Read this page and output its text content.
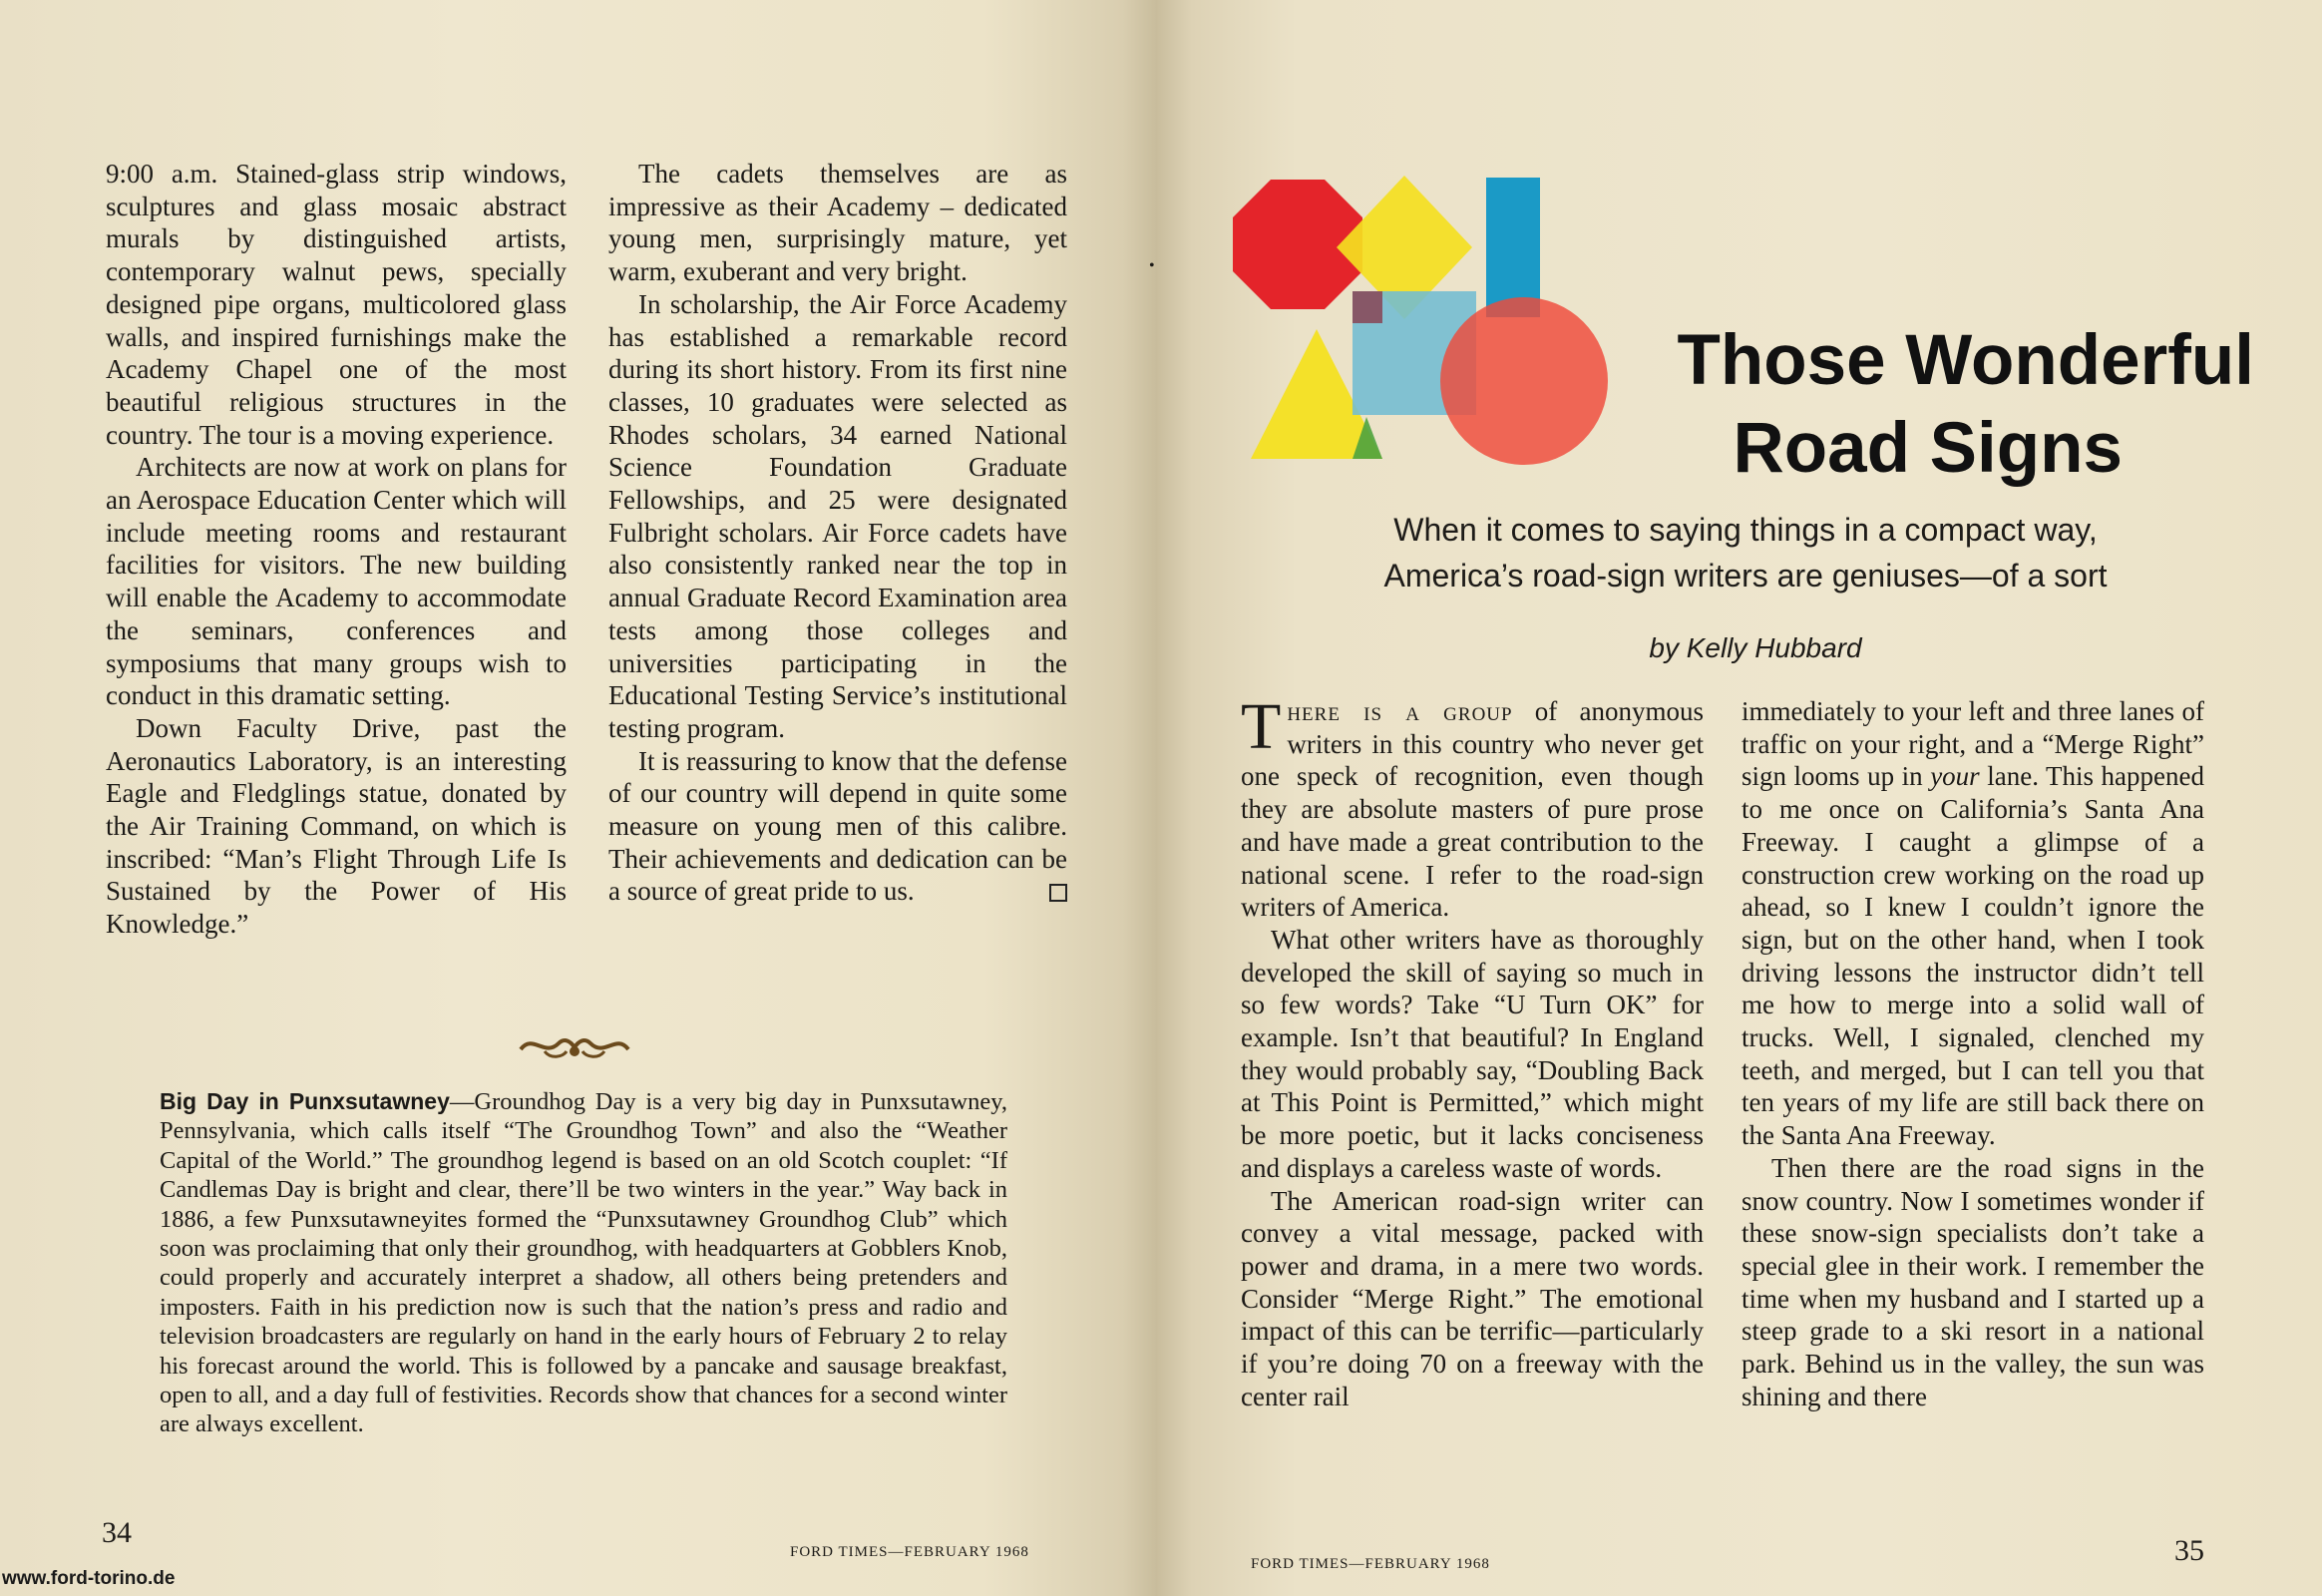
9:00 a.m. Stained-glass strip windows, sculptures and glass mosaic abstract murals by distinguished artists, contemporary walnut pews, specially designed pipe organs, multicolored glass walls, and inspired furnishings make the Academy Chapel one of the most beautiful religious structures in the country. The tour is a moving experience.

Architects are now at work on plans for an Aerospace Education Center which will include meeting rooms and restaurant facilities for visitors. The new building will enable the Academy to accommodate the seminars, conferences and symposiums that many groups wish to conduct in this dramatic setting.

Down Faculty Drive, past the Aeronautics Laboratory, is an interesting Eagle and Fledglings statue, donated by the Air Training Command, on which is inscribed: “Man’s Flight Through Life Is Sustained by the Power of His Knowledge.”

The cadets themselves are as impressive as their Academy – dedicated young men, surprisingly mature, yet warm, exuberant and very bright.

In scholarship, the Air Force Academy has established a remarkable record during its short history. From its first nine classes, 10 graduates were selected as Rhodes scholars, 34 earned National Science Foundation Graduate Fellowships, and 25 were designated Fulbright scholars. Air Force cadets have also consistently ranked near the top in annual Graduate Record Examination area tests among those colleges and universities participating in the Educational Testing Service’s institutional testing program.

It is reassuring to know that the defense of our country will depend in quite some measure on young men of this calibre. Their achievements and dedication can be a source of great pride to us.

Big Day in Punxsutawney—Groundhog Day is a very big day in Punxsutawney, Pennsylvania, which calls itself “The Groundhog Town” and also the “Weather Capital of the World.” The groundhog legend is based on an old Scotch couplet: “If Candlemas Day is bright and clear, there’ll be two winters in the year.” Way back in 1886, a few Punxsutawneyites formed the “Punxsutawney Groundhog Club” which soon was proclaiming that only their groundhog, with headquarters at Gobblers Knob, could properly and accurately interpret a shadow, all others being pretenders and imposters. Faith in his prediction now is such that the nation’s press and radio and television broadcasters are regularly on hand in the early hours of February 2 to relay his forecast around the world. This is followed by a pancake and sausage breakfast, open to all, and a day full of festivities. Records show that chances for a second winter are always excellent.
34
FORD TIMES—FEBRUARY 1968
•
Those Wonderful
Road Signs
When it comes to saying things in a compact way,
America’s road-sign writers are geniuses—of a sort
by Kelly Hubbard

There is a group of anonymous writers in this country who never get one speck of recognition, even though they are absolute masters of pure prose and have made a great contribution to the national scene. I refer to the road-sign writers of America.

What other writers have as thoroughly developed the skill of saying so much in so few words? Take “U Turn OK” for example. Isn’t that beautiful? In England they would probably say, “Doubling Back at This Point is Permitted,” which might be more poetic, but it lacks conciseness and displays a careless waste of words.

The American road-sign writer can convey a vital message, packed with power and drama, in a mere two words. Consider “Merge Right.” The emotional impact of this can be terrific—particularly if you’re doing 70 on a freeway with the center rail

immediately to your left and three lanes of traffic on your right, and a “Merge Right” sign looms up in your lane. This happened to me once on California’s Santa Ana Freeway. I caught a glimpse of a construction crew working on the road up ahead, so I knew I couldn’t ignore the sign, but on the other hand, when I took driving lessons the instructor didn’t tell me how to merge into a solid wall of trucks. Well, I signaled, clenched my teeth, and merged, but I can tell you that ten years of my life are still back there on the Santa Ana Freeway.

Then there are the road signs in the snow country. Now I sometimes wonder if these snow-sign specialists don’t take a special glee in their work. I remember the time when my husband and I started up a steep grade to a ski resort in a national park. Behind us in the valley, the sun was shining and there

FORD TIMES—FEBRUARY 1968	35
www.ford-torino.de
